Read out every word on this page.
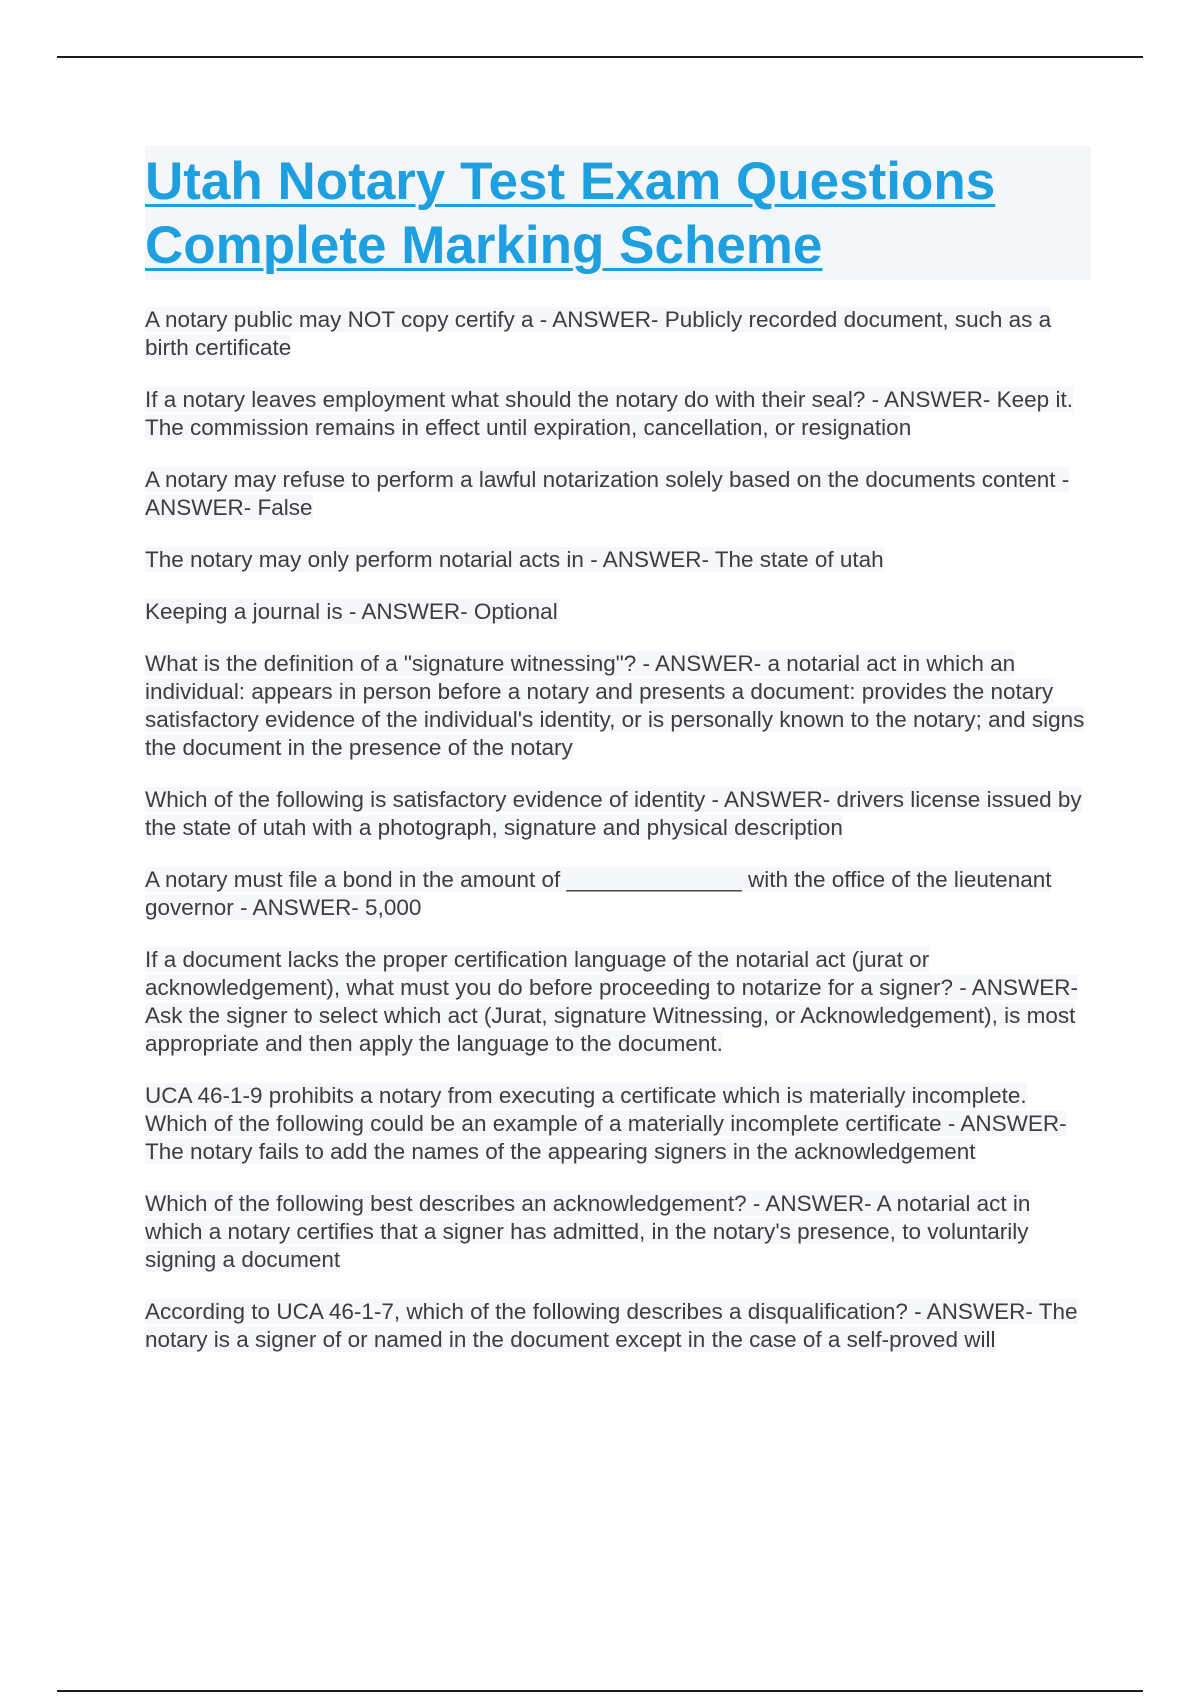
Utah Notary Test Exam Questions
Complete Marking Scheme

A notary public may NOT copy certify a - ANSWER- Publicly recorded document, such as a birth certificate

If a notary leaves employment what should the notary do with their seal? - ANSWER- Keep it. The commission remains in effect until expiration, cancellation, or resignation

A notary may refuse to perform a lawful notarization solely based on the documents content - ANSWER- False

The notary may only perform notarial acts in - ANSWER- The state of utah

Keeping a journal is - ANSWER- Optional

What is the definition of a "signature witnessing"? - ANSWER- a notarial act in which an individual: appears in person before a notary and presents a document: provides the notary satisfactory evidence of the individual's identity, or is personally known to the notary; and signs the document in the presence of the notary

Which of the following is satisfactory evidence of identity - ANSWER- drivers license issued by the state of utah with a photograph, signature and physical description

A notary must file a bond in the amount of ______________ with the office of the lieutenant governor - ANSWER- 5,000

If a document lacks the proper certification language of the notarial act (jurat or acknowledgement), what must you do before proceeding to notarize for a signer? - ANSWER- Ask the signer to select which act (Jurat, signature Witnessing, or Acknowledgement), is most appropriate and then apply the language to the document.

UCA 46-1-9 prohibits a notary from executing a certificate which is materially incomplete. Which of the following could be an example of a materially incomplete certificate - ANSWER- The notary fails to add the names of the appearing signers in the acknowledgement

Which of the following best describes an acknowledgement? - ANSWER- A notarial act in which a notary certifies that a signer has admitted, in the notary's presence, to voluntarily signing a document

According to UCA 46-1-7, which of the following describes a disqualification? - ANSWER- The notary is a signer of or named in the document except in the case of a self-proved will
